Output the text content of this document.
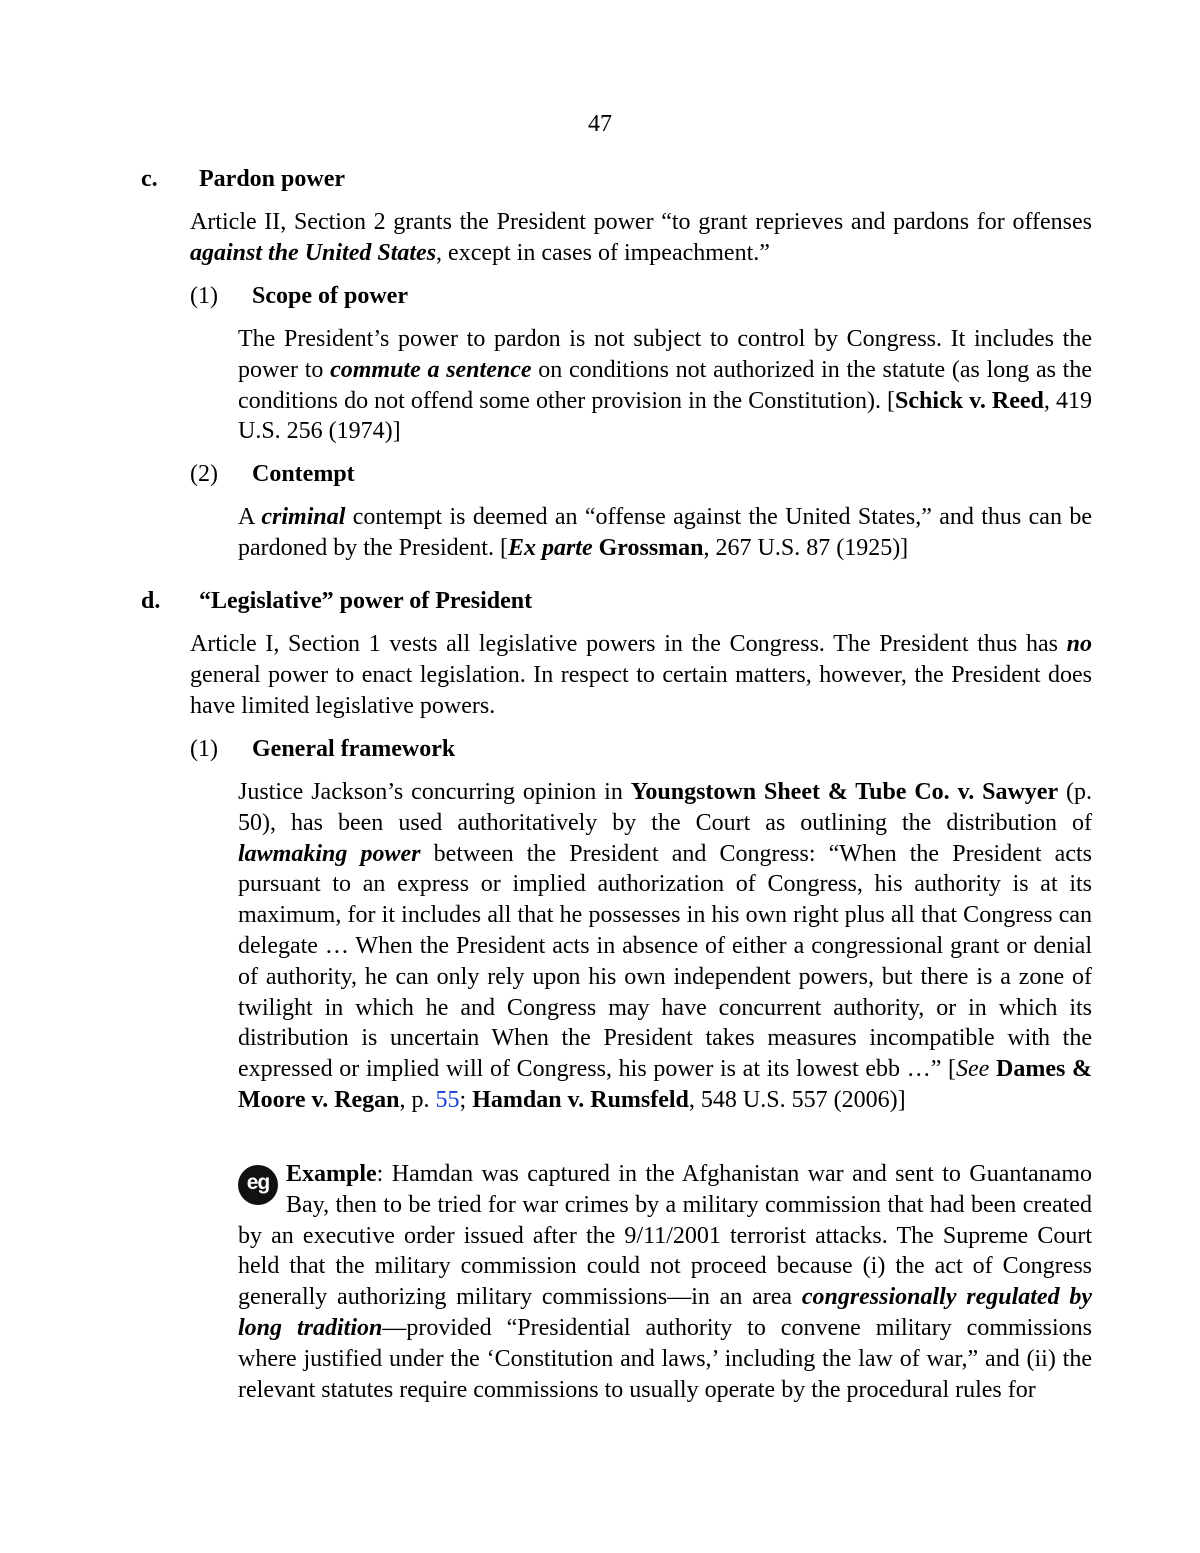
47
c. Pardon power
Article II, Section 2 grants the President power “to grant reprieves and pardons for offenses against the United States, except in cases of impeachment.”
(1) Scope of power
The President’s power to pardon is not subject to control by Congress. It includes the power to commute a sentence on conditions not authorized in the statute (as long as the conditions do not offend some other provision in the Constitution). [Schick v. Reed, 419 U.S. 256 (1974)]
(2) Contempt
A criminal contempt is deemed an “offense against the United States,” and thus can be pardoned by the President. [Ex parte Grossman, 267 U.S. 87 (1925)]
d. “Legislative” power of President
Article I, Section 1 vests all legislative powers in the Congress. The President thus has no general power to enact legislation. In respect to certain matters, however, the President does have limited legislative powers.
(1) General framework
Justice Jackson’s concurring opinion in Youngstown Sheet & Tube Co. v. Sawyer (p. 50), has been used authoritatively by the Court as outlining the distribution of lawmaking power between the President and Congress: “When the President acts pursuant to an express or implied authorization of Congress, his authority is at its maximum, for it includes all that he possesses in his own right plus all that Congress can delegate … When the President acts in absence of either a congressional grant or denial of authority, he can only rely upon his own independent powers, but there is a zone of twilight in which he and Congress may have concurrent authority, or in which its distribution is uncertain When the President takes measures incompatible with the expressed or implied will of Congress, his power is at its lowest ebb …” [See Dames & Moore v. Regan, p. 55; Hamdan v. Rumsfeld, 548 U.S. 557 (2006)]
eg Example: Hamdan was captured in the Afghanistan war and sent to Guantanamo Bay, then to be tried for war crimes by a military commission that had been created by an executive order issued after the 9/11/2001 terrorist attacks. The Supreme Court held that the military commission could not proceed because (i) the act of Congress generally authorizing military commissions—in an area congressionally regulated by long tradition—provided “Presidential authority to convene military commissions where justified under the ‘Constitution and laws,’ including the law of war,” and (ii) the relevant statutes require commissions to usually operate by the procedural rules for
